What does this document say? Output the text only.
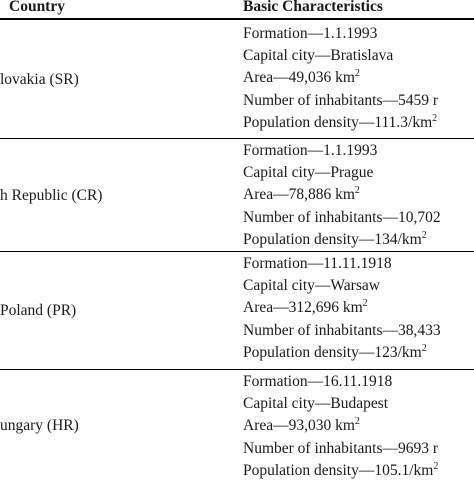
Country	Basic Characteristics
lovakia (SR)
Formation—1.1.1993
Capital city—Bratislava
Area—49,036 $km^2$
Number of inhabitants—5459 r
Population $density—111.3/km^2$
h Republic (CR)
Formation—1.1.1993
Capital city—Prague
Area—78,886 $km^2$
Number of inhabitants—10,702
Population $density—134/km^2$
Poland (PR)
Formation—11.11.1918
Capital city—Warsaw
Area—312,696 $km^2$
Number of inhabitants—38,433
Population $density—123/km^2$
ungary (HR)
Formation—16.11.1918
Capital city—Budapest
Area—93,030 $km^2$
Number of inhabitants—9693 r
Population $density—105.1/km^2$
